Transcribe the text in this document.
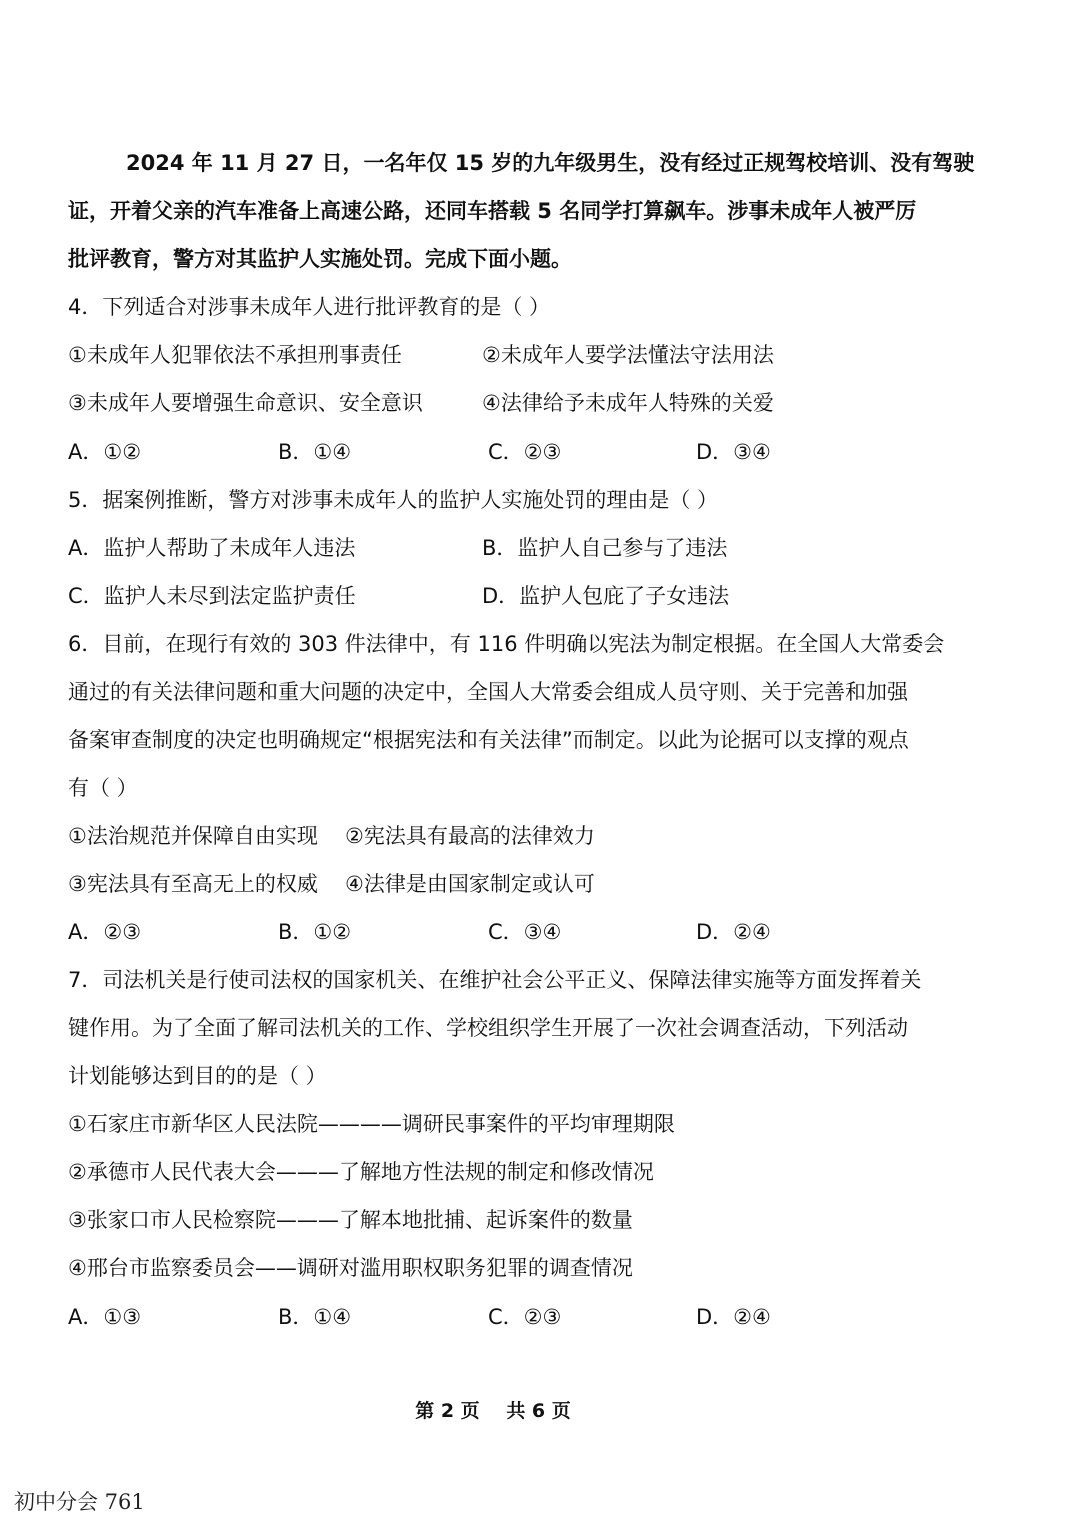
2024 年 11 月 27 日，一名年仅 15 岁的九年级男生，没有经过正规驾校培训、没有驾驶
证，开着父亲的汽车准备上高速公路，还同车搭载 5 名同学打算飙车。涉事未成年人被严厉
批评教育，警方对其监护人实施处罚。完成下面小题。
4．下列适合对涉事未成年人进行批评教育的是（ ）
①未成年人犯罪依法不承担刑事责任	②未成年人要学法懂法守法用法
③未成年人要增强生命意识、安全意识	④法律给予未成年人特殊的关爱
A．①②	B．①④	C．②③	D．③④
5．据案例推断，警方对涉事未成年人的监护人实施处罚的理由是（ ）
A．监护人帮助了未成年人违法	B．监护人自己参与了违法
C．监护人未尽到法定监护责任	D．监护人包庇了子女违法
6．目前，在现行有效的 303 件法律中，有 116 件明确以宪法为制定根据。在全国人大常委会
通过的有关法律问题和重大问题的决定中，全国人大常委会组成人员守则、关于完善和加强
备案审查制度的决定也明确规定“根据宪法和有关法律”而制定。以此为论据可以支撑的观点
有（ ）
①法治规范并保障自由实现 ②宪法具有最高的法律效力
③宪法具有至高无上的权威 ④法律是由国家制定或认可
A．②③	B．①②	C．③④	D．②④
7．司法机关是行使司法权的国家机关、在维护社会公平正义、保障法律实施等方面发挥着关
键作用。为了全面了解司法机关的工作、学校组织学生开展了一次社会调查活动，下列活动
计划能够达到目的的是（ ）
①石家庄市新华区人民法院————调研民事案件的平均审理期限
②承德市人民代表大会———了解地方性法规的制定和修改情况
③张家口市人民检察院———了解本地批捕、起诉案件的数量
④邢台市监察委员会——调研对滥用职权职务犯罪的调查情况
A．①③	B．①④	C．②③	D．②④
第 2 页 共 6 页
初中分会 761
